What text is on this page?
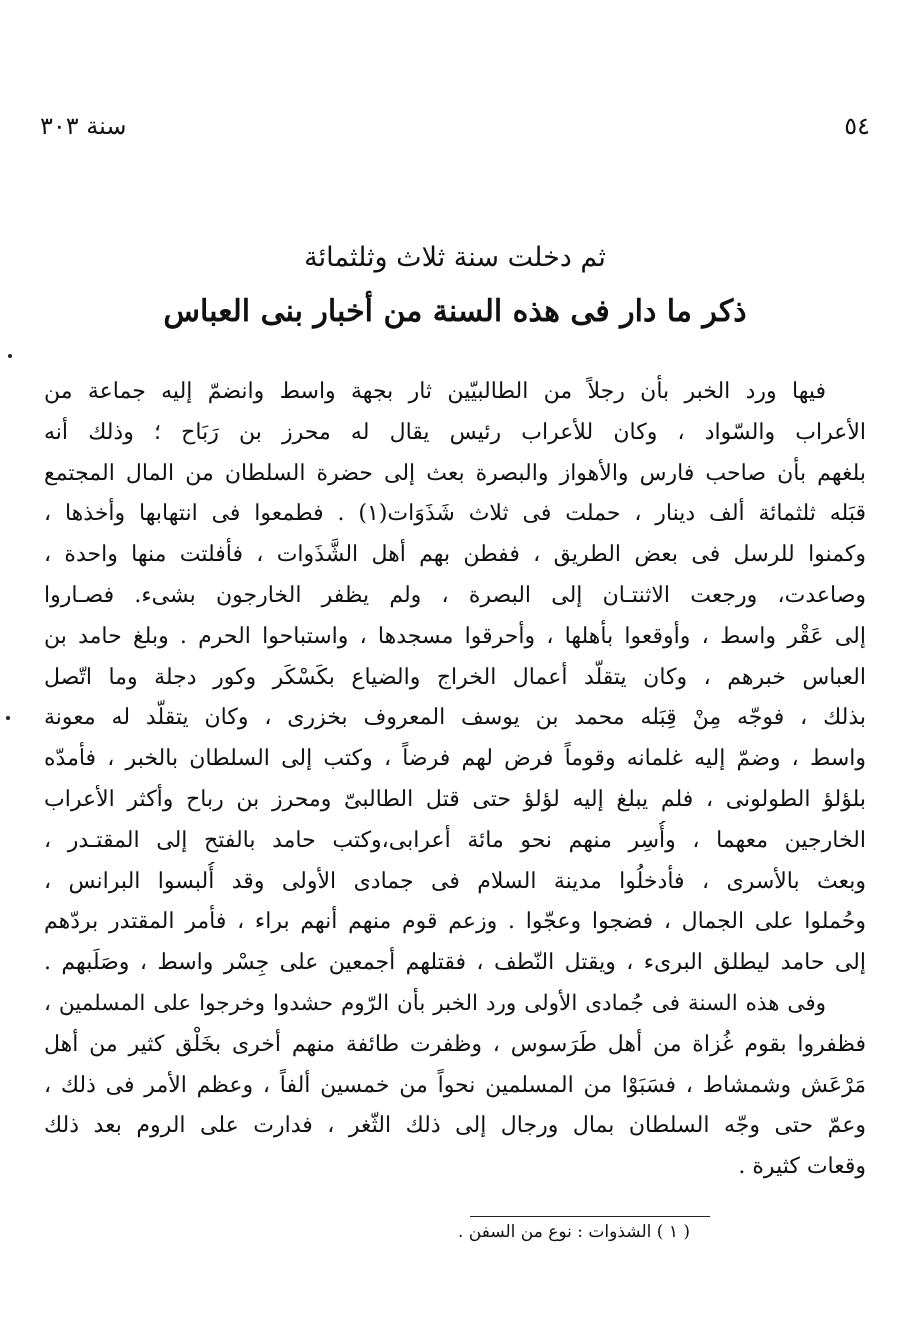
٥٤
سنة ٣٠٣
ثم دخلت سنة ثلاث وثلثمائة
ذكر ما دار فى هذه السنة من أخبار بنى العباس
فيها ورد الخبر بأن رجلاً من الطالبيّين ثار بجهة واسط وانضمّ إليه جماعة من
الأعراب والسّواد ، وكان للأعراب رئيس يقال له محرز بن رَبَاح ؛ وذلك أنه
بلغهم بأن صاحب فارس والأهواز والبصرة بعث إلى حضرة السلطان من المال المجتمع
قبَله ثلثمائة ألف دينار ، حملت فى ثلاث شَذَوَات(١) . فطمعوا فى انتهابها وأخذها ،
وكمنوا للرسل فى بعض الطريق ، ففطن بهم أهل الشَّذَوات ، فأفلتت منها واحدة ،
وصاعدت، ورجعت الاثنتـان إلى البصرة ، ولم يظفر الخارجون بشىء. فصـاروا
إلى عَقْر واسط ، وأوقعوا بأهلها ، وأحرقوا مسجدها ، واستباحوا الحرم . وبلغ حامد بن
العباس خبرهم ، وكان يتقلّد أعمال الخراج والضياع بكَسْكَر وكور دجلة وما اتّصل
بذلك ، فوجّه مِنْ قِبَله محمد بن يوسف المعروف بخزرى ، وكان يتقلّد له معونة
واسط ، وضمّ إليه غلمانه وقوماً فرض لهم فرضاً ، وكتب إلى السلطان بالخبر ، فأمدّه
بلؤلؤ الطولونى ، فلم يبلغ إليه لؤلؤ حتى قتل الطالبىّ ومحرز بن رباح وأكثر الأعراب
الخارجين معهما ، وأُسِر منهم نحو مائة أعرابى،وكتب حامد بالفتح إلى المقتـدر ،
وبعث بالأسرى ، فأدخلُوا مدينة السلام فى جمادى الأولى وقد أُلبسوا البرانس ،
وحُملوا على الجمال ، فضجوا وعجّوا . وزعم قوم منهم أنهم براء ، فأمر المقتدر بردّهم
إلى حامد ليطلق البرىء ، ويقتل النّطف ، فقتلهم أجمعين على جِسْر واسط ، وصَلَبهم .
وفى هذه السنة فى جُمادى الأولى ورد الخبر بأن الرّوم حشدوا وخرجوا على المسلمين ،
فظفروا بقوم غُزاة من أهل طَرَسوس ، وظفرت طائفة منهم أخرى بخَلْق كثير من أهل
مَرْعَش وشمشاط ، فسَبَوْا من المسلمين نحواً من خمسين ألفاً ، وعظم الأمر فى ذلك ،
وعمّ حتى وجّه السلطان بمال ورجال إلى ذلك الثّغر ، فدارت على الروم بعد ذلك
وقعات كثيرة .
( ١ ) الشذوات : نوع من السفن .
